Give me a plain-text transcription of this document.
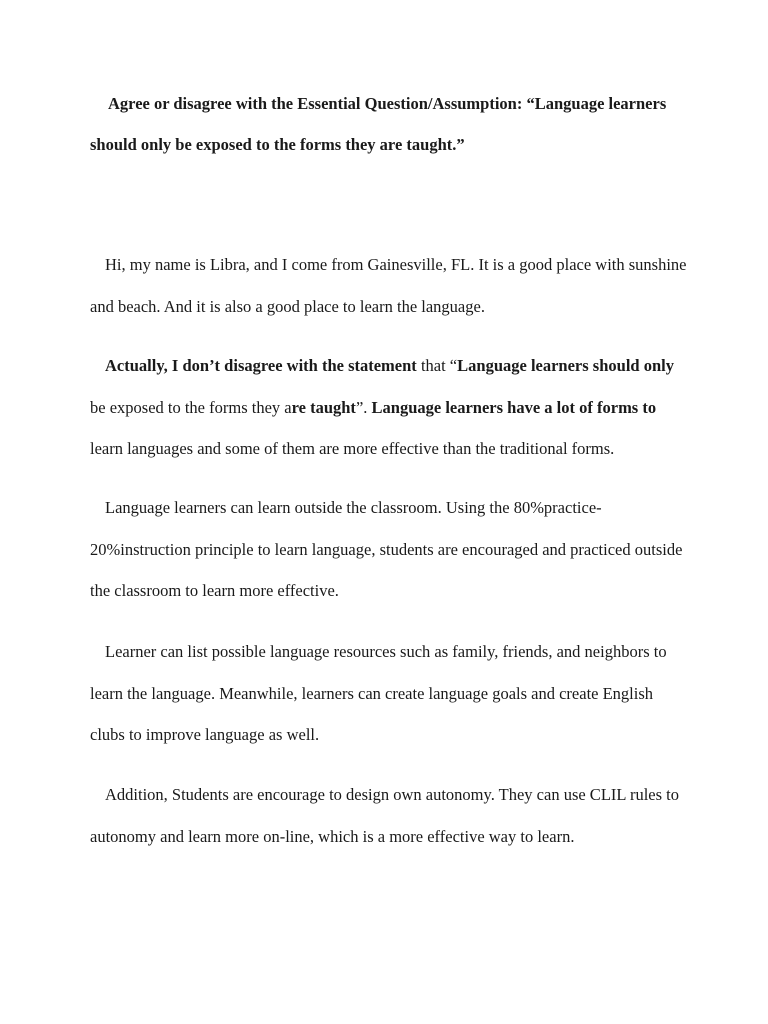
Agree or disagree with the Essential Question/Assumption: “Language learners should only be exposed to the forms they are taught.”

Hi, my name is Libra, and I come from Gainesville, FL. It is a good place with sunshine and beach. And it is also a good place to learn the language.

Actually, I don’t disagree with the statement that “Language learners should only be exposed to the forms they are taught”. Language learners have a lot of forms to learn languages and some of them are more effective than the traditional forms.

Language learners can learn outside the classroom. Using the 80%practice-20%instruction principle to learn language, students are encouraged and practiced outside the classroom to learn more effective.

Learner can list possible language resources such as family, friends, and neighbors to learn the language. Meanwhile, learners can create language goals and create English clubs to improve language as well.

Addition, Students are encourage to design own autonomy. They can use CLIL rules to autonomy and learn more on-line, which is a more effective way to learn.
